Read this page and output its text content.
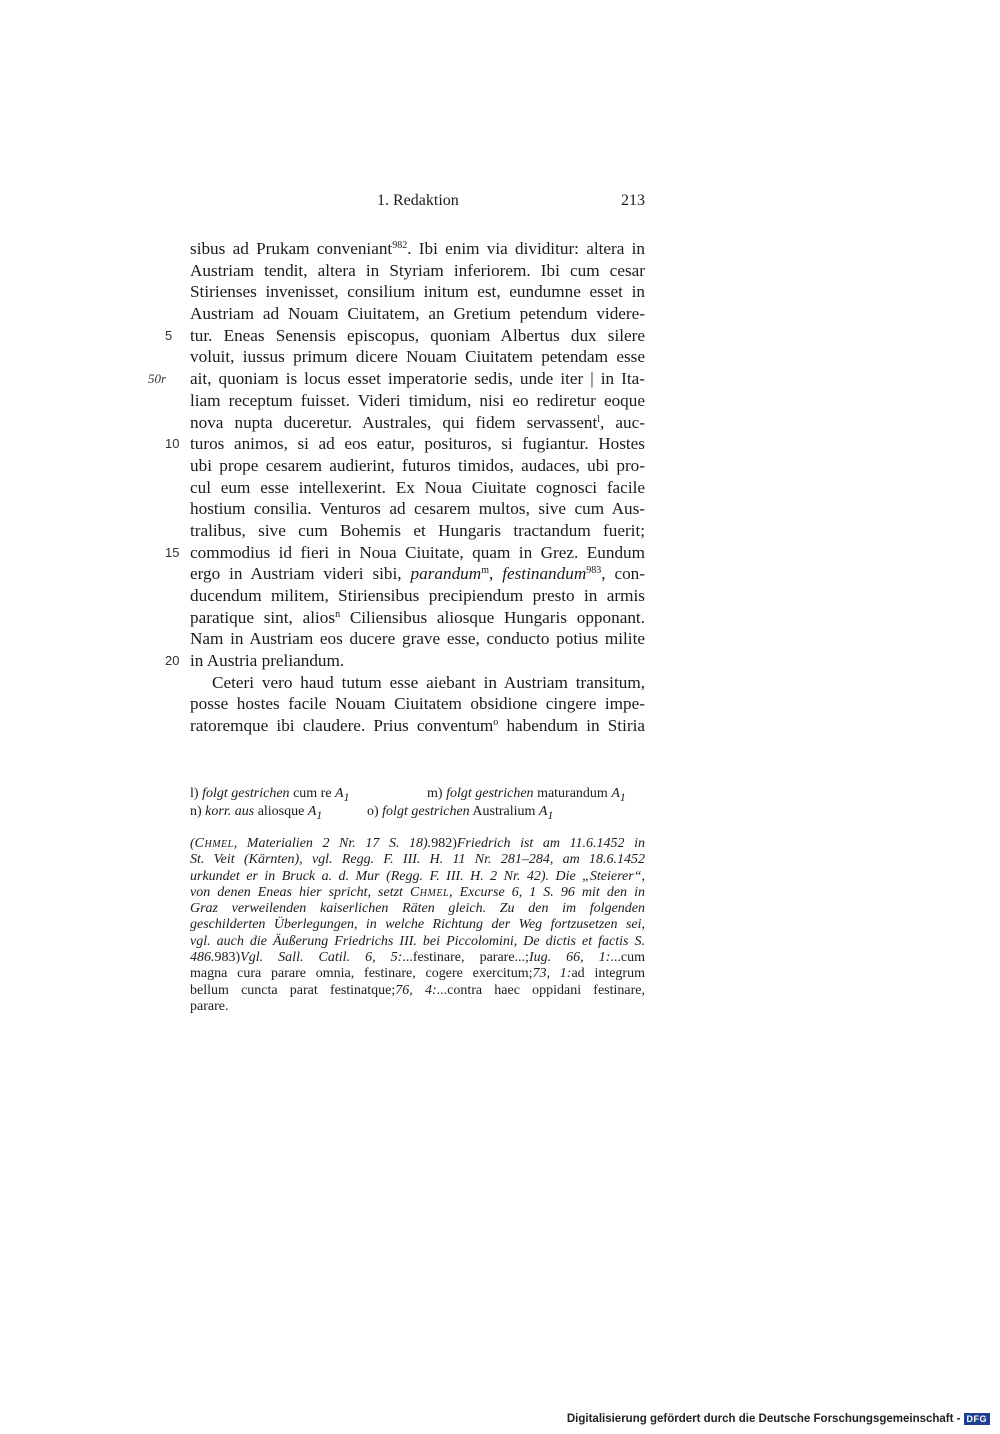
1. Redaktion	213
sibus ad Prukam conveniant$^{982}$. Ibi enim via dividitur: altera in
Austriam tendit, altera in Styriam inferiorem. Ibi cum cesar
Stirienses invenisset, consilium initum est, eundumne esset in
Austriam ad Nouam Ciuitatem, an Gretium petendum videre-
5 tur. Eneas Senensis episcopus, quoniam Albertus dux silere
voluit, iussus primum dicere Nouam Ciuitatem petendam esse
50r ait, quoniam is locus esset imperatorie sedis, unde iter | in Ita-
liam receptum fuisset. Videri timidum, nisi eo rediretur eoque
nova nupta duceretur. Australes, qui fidem servassent$^l$, auc-
10 turos animos, si ad eos eatur, posituros, si fugiantur. Hostes
ubi prope cesarem audierint, futuros timidos, audaces, ubi pro-
cul eum esse intellexerint. Ex Noua Ciuitate cognosci facile
hostium consilia. Venturos ad cesarem multos, sive cum Aus-
tralibus, sive cum Bohemis et Hungaris tractandum fuerit;
15 commodius id fieri in Noua Ciuitate, quam in Grez. Eundum
ergo in Austriam videri sibi, parandum$^m$, festinandum$^{983}$, con-
ducendum militem, Stiriensibus precipiendum presto in armis
paratique sint, alios$^n$ Ciliensibus aliosque Hungaris opponant.
Nam in Austriam eos ducere grave esse, conducto potius milite
20 in Austria preliandum.
Ceteri vero haud tutum esse aiebant in Austriam transitum,
posse hostes facile Nouam Ciuitatem obsidione cingere impe-
ratoremque ibi claudere. Prius conventum$^o$ habendum in Stiria
l) folgt gestrichen cum re $A_1$	m) folgt gestrichen maturandum $A_1$
n) korr. aus aliosque $A_1$	o) folgt gestrichen Australium $A_1$
(Chmel, Materialien 2 Nr. 17 S. 18).982)Friedrich ist am 11.6.1452 in
St. Veit (Kärnten), vgl. Regg. F. III. H. 11 Nr. 281–284, am 18.6.1452
urkundet er in Bruck a. d. Mur (Regg. F. III. H. 2 Nr. 42). Die „Steierer“,
von denen Eneas hier spricht, setzt Chmel, Excurse 6, 1 S. 96 mit den in
Graz verweilenden kaiserlichen Räten gleich. Zu den im folgenden
geschilderten Überlegungen, in welche Richtung der Weg fortzusetzen sei,
vgl. auch die Äußerung Friedrichs III. bei Piccolomini, De dictis et factis S.
486.983)Vgl. Sall. Catil. 6, 5:...festinare, parare...;Iug. 66, 1:...cum
magna cura parare omnia, festinare, cogere exercitum;73, 1:ad integrum
bellum cuncta parat festinatque;76, 4:...contra haec oppidani festinare,
parare.
Digitalisierung gefördert durch die Deutsche Forschungsgemeinschaft - DFG
